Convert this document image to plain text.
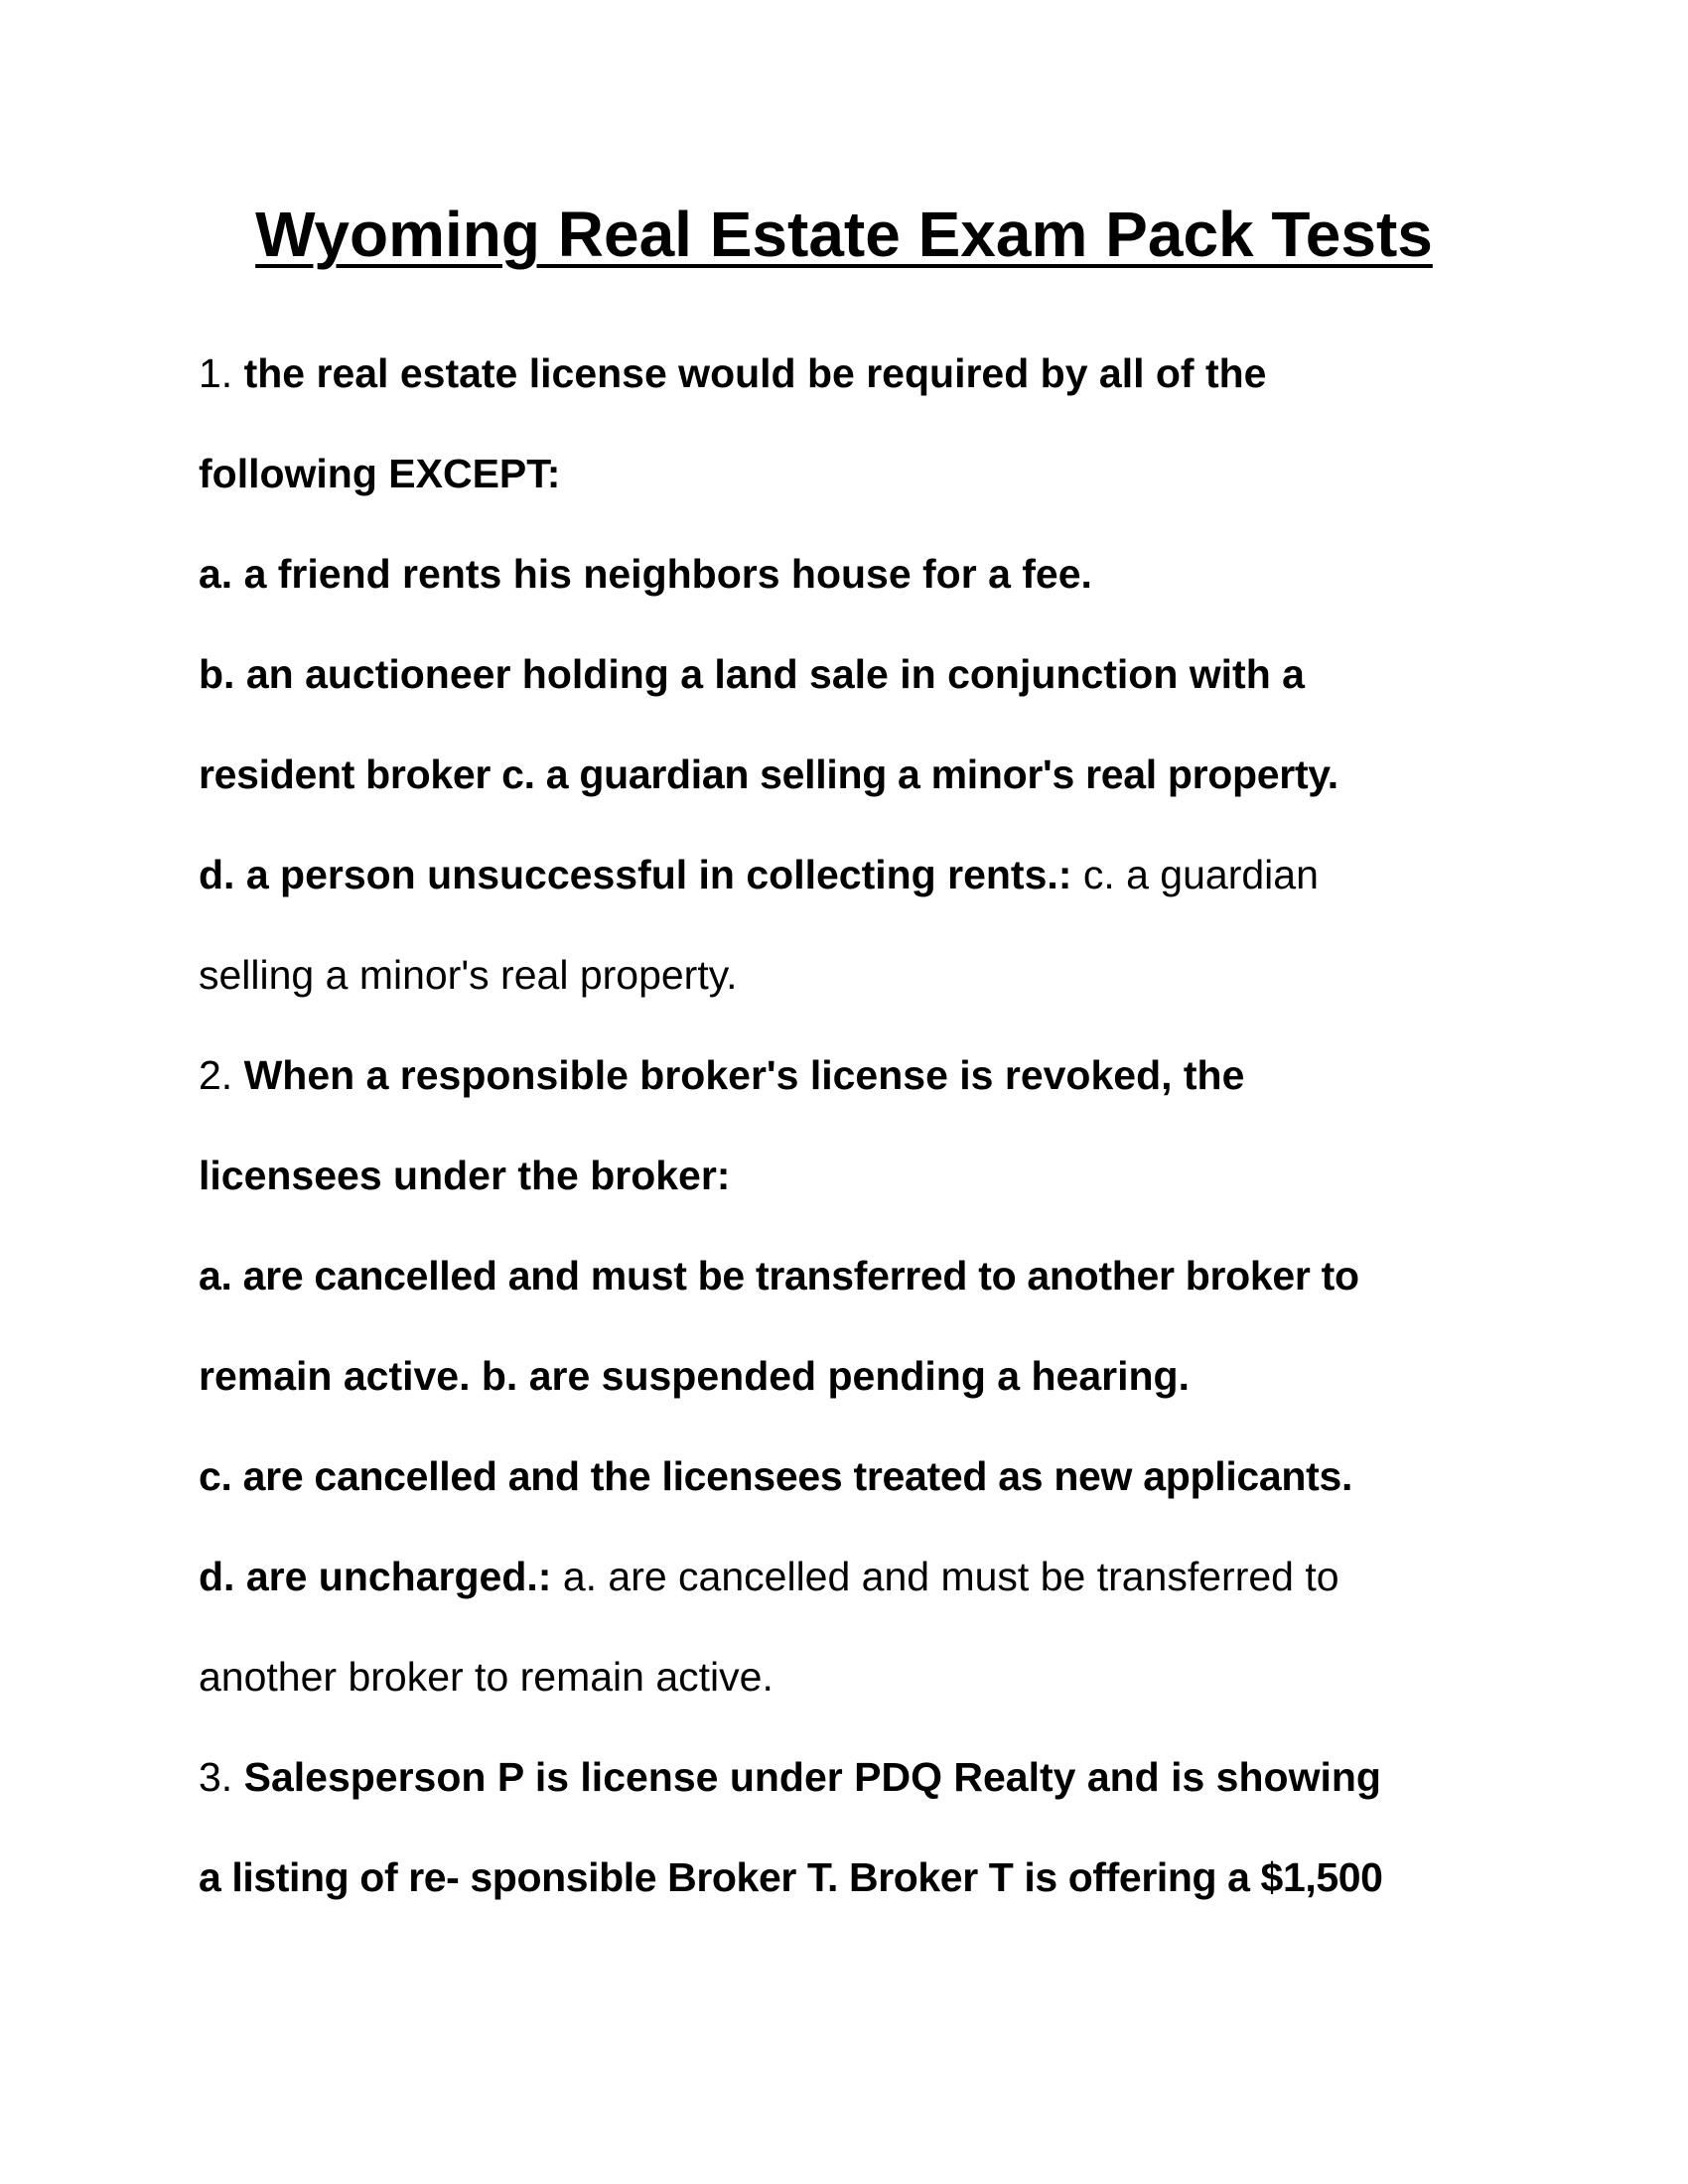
Wyoming Real Estate Exam Pack Tests
1. the real estate license would be required by all of the
following EXCEPT:
a. a friend rents his neighbors house for a fee.
b. an auctioneer holding a land sale in conjunction with a
resident broker c. a guardian selling a minor's real property.
d. a person unsuccessful in collecting rents.: c. a guardian
selling a minor's real property.
2. When a responsible broker's license is revoked, the
licensees under the broker:
a. are cancelled and must be transferred to another broker to
remain active. b. are suspended pending a hearing.
c. are cancelled and the licensees treated as new applicants.
d. are uncharged.: a. are cancelled and must be transferred to
another broker to remain active.
3. Salesperson P is license under PDQ Realty and is showing
a listing of re- sponsible Broker T. Broker T is offering a $1,500
